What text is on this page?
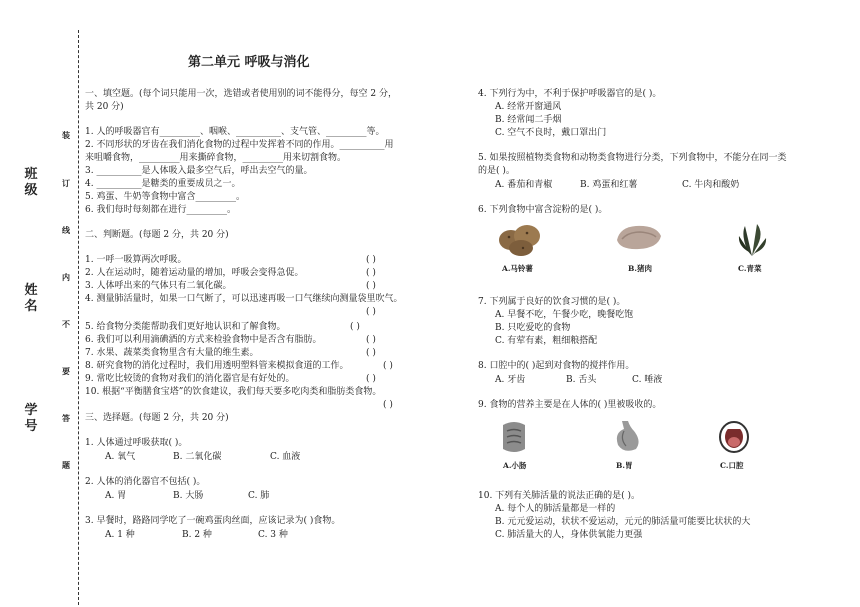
班级
姓名
学号
装
订
线
内
不
要
答
题
第二单元 呼吸与消化
一、填空题。(每个词只能用一次，选错或者使用别的词不能得分，每空 2 分，
共 20 分)
1. 人的呼吸器官有_________、咽喉、__________、支气管、_________等。
2. 不同形状的牙齿在我们消化食物的过程中发挥着不同的作用。__________用
来咀嚼食物，_________用来撕碎食物，_________用来切割食物。
3. __________是人体吸入最多空气后，呼出去空气的量。
4. __________是糖类的重要成员之一。
5. 鸡蛋、牛奶等食物中富含_________。
6. 我们每时每刻都在进行_________。
二、判断题。(每题 2 分，共 20 分)
1. 一呼一吸算两次呼吸。	( )
2. 人在运动时，随着运动量的增加，呼吸会变得急促。	( )
3. 人体呼出来的气体只有二氧化碳。	( )
4. 测量肺活量时，如果一口气断了，可以迅速再吸一口气继续向测量袋里吹气。
( )
5. 给食物分类能帮助我们更好地认识和了解食物。	( )
6. 我们可以利用滴碘酒的方式来检验食物中是否含有脂肪。	( )
7. 水果、蔬菜类食物里含有大量的维生素。	( )
8. 研究食物的消化过程时，我们用透明塑料管来模拟食道的工作。	( )
9. 常吃比较烫的食物对我们的消化器官是有好处的。	( )
10. 根据“平衡膳食宝塔”的饮食建议，我们每天要多吃肉类和脂肪类食物。
( )
三、选择题。(每题 2 分，共 20 分)
1. 人体通过呼吸获取( )。
A. 氧气	B. 二氧化碳	C. 血液
2. 人体的消化器官不包括( )。
A. 胃	B. 大肠	C. 肺
3. 早餐时，路路同学吃了一碗鸡蛋肉丝面，应该记录为( )食物。
A. 1 种	B. 2 种	C. 3 种
4. 下列行为中，不利于保护呼吸器官的是( )。
A. 经常开窗通风
B. 经常闻二手烟
C. 空气不良时，戴口罩出门
5. 如果按照植物类食物和动物类食物进行分类，下列食物中，不能分在同一类
的是( )。
A. 番茄和青椒	B. 鸡蛋和红薯	C. 牛肉和酸奶
6. 下列食物中富含淀粉的是( )。
7. 下列属于良好的饮食习惯的是( )。
A. 早餐不吃，午餐少吃，晚餐吃饱
B. 只吃爱吃的食物
C. 有荤有素，粗细粮搭配
8. 口腔中的( )起到对食物的搅拌作用。
A. 牙齿	B. 舌头	C. 唾液
9. 食物的营养主要是在人体的( )里被吸收的。
10. 下列有关肺活量的说法正确的是( )。
A. 每个人的肺活量都是一样的
B. 元元爱运动，状状不爱运动，元元的肺活量可能要比状状的大
C. 肺活量大的人，身体供氧能力更强
A.马铃薯	B.猪肉	C.青菜
A.小肠	B.胃	C.口腔
